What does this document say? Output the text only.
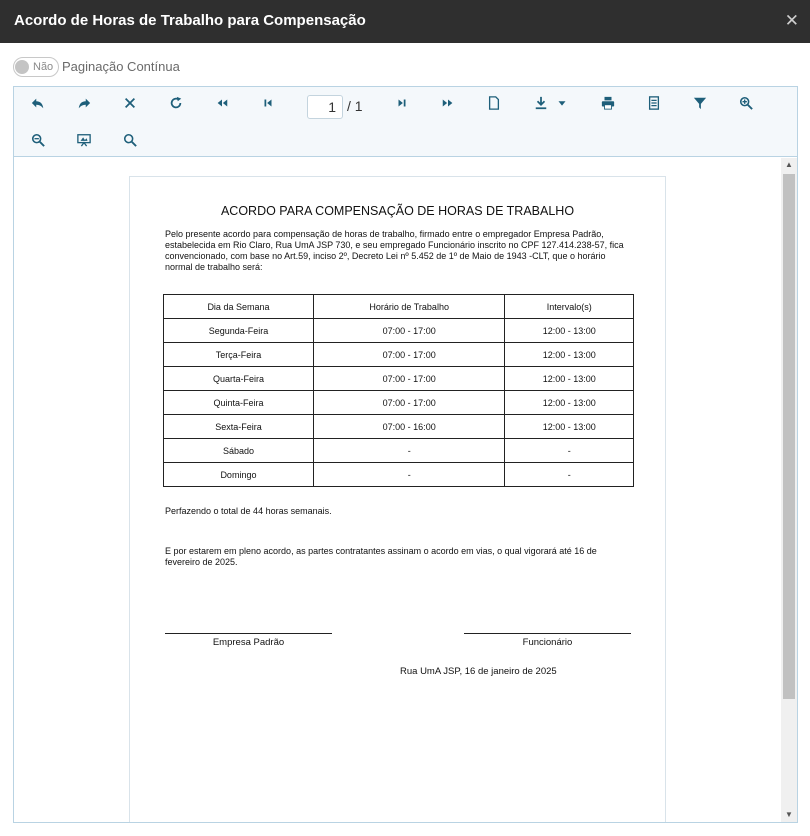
Acordo de Horas de Trabalho para Compensação	✕
Não Paginação Contínua
1 / 1
ACORDO PARA COMPENSAÇÃO DE HORAS DE TRABALHO
Pelo presente acordo para compensação de horas de trabalho, firmado entre o empregador Empresa Padrão, estabelecida em Rio Claro, Rua UmA JSP 730, e seu empregado Funcionário inscrito no CPF 127.414.238-57, fica convencionado, com base no Art.59, inciso 2º, Decreto Lei nº 5.452 de 1º de Maio de 1943 -CLT, que o horário normal de trabalho será:
Dia da Semana	Horário de Trabalho	Intervalo(s)
Segunda-Feira	07:00 - 17:00	12:00 - 13:00
Terça-Feira	07:00 - 17:00	12:00 - 13:00
Quarta-Feira	07:00 - 17:00	12:00 - 13:00
Quinta-Feira	07:00 - 17:00	12:00 - 13:00
Sexta-Feira	07:00 - 16:00	12:00 - 13:00
Sábado	-	-
Domingo	-	-
Perfazendo o total de 44 horas semanais.
E por estarem em pleno acordo, as partes contratantes assinam o acordo em vias, o qual vigorará até 16 de fevereiro de 2025.
Empresa Padrão	Funcionário
Rua UmA JSP, 16 de janeiro de 2025
▲
▼
